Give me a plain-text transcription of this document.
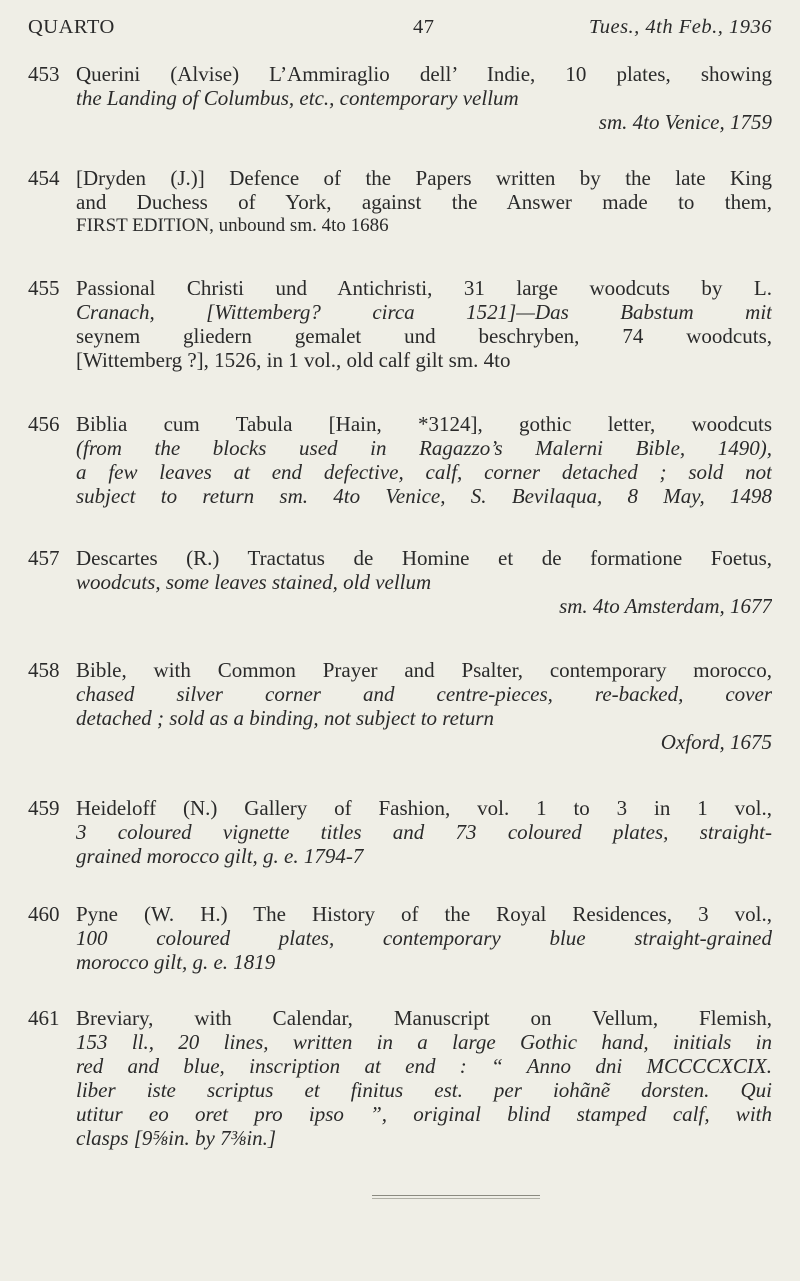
QUARTO	47	Tues., 4th Feb., 1936
453 Querini (Alvise) L’Ammiraglio dell’ Indie, 10 plates, showing
the Landing of Columbus, etc., contemporary vellum
sm. 4to Venice, 1759
454 [Dryden (J.)] Defence of the Papers written by the late King
and Duchess of York, against the Answer made to them,
FIRST EDITION, unbound sm. 4to 1686
455 Passional Christi und Antichristi, 31 large woodcuts by L.
Cranach, [Wittemberg? circa 1521]—Das Babstum mit
seynem gliedern gemalet und beschryben, 74 woodcuts,
[Wittemberg ?], 1526, in 1 vol., old calf gilt sm. 4to
456 Biblia cum Tabula [Hain, *3124], gothic letter, woodcuts
(from the blocks used in Ragazzo’s Malerni Bible, 1490),
a few leaves at end defective, calf, corner detached ; sold not
subject to return sm. 4to Venice, S. Bevilaqua, 8 May, 1498
457 Descartes (R.) Tractatus de Homine et de formatione Foetus,
woodcuts, some leaves stained, old vellum
sm. 4to Amsterdam, 1677
458 Bible, with Common Prayer and Psalter, contemporary morocco,
chased silver corner and centre-pieces, re-backed, cover
detached ; sold as a binding, not subject to return
Oxford, 1675
459 Heideloff (N.) Gallery of Fashion, vol. 1 to 3 in 1 vol.,
3 coloured vignette titles and 73 coloured plates, straight-
grained morocco gilt, g. e. 1794-7
460 Pyne (W. H.) The History of the Royal Residences, 3 vol.,
100 coloured plates, contemporary blue straight-grained
morocco gilt, g. e. 1819
461 Breviary, with Calendar, Manuscript on Vellum, Flemish,
153 ll., 20 lines, written in a large Gothic hand, initials in
red and blue, inscription at end : “ Anno dni MCCCCXCIX.
liber iste scriptus et finitus est. per iohãnẽ dorsten. Qui
utitur eo oret pro ipso ”, original blind stamped calf, with
clasps [9⅝in. by 7⅜in.]
